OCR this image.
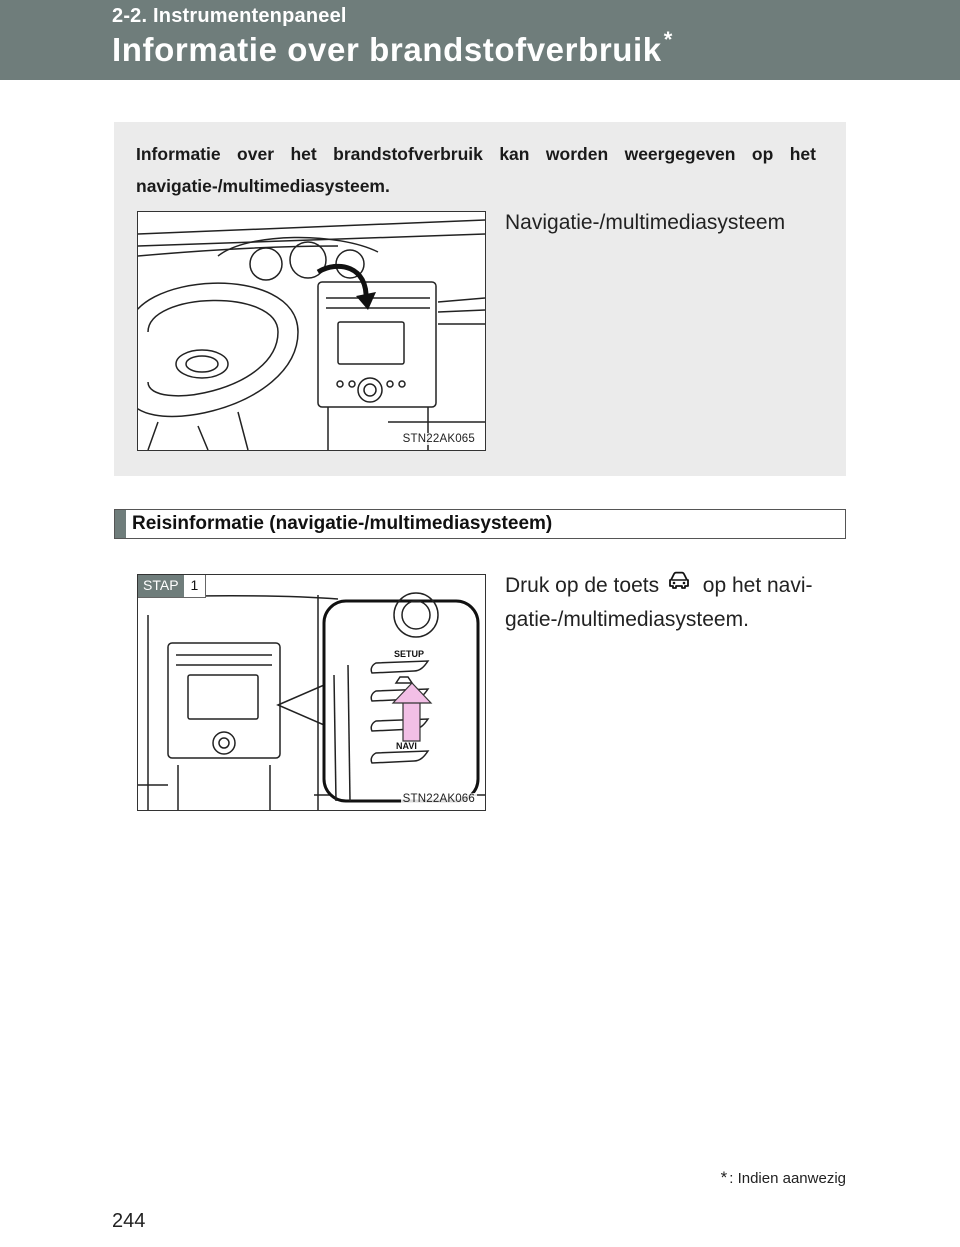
2-2. Instrumentenpaneel
Informatie over brandstofverbruik*
Informatie over het brandstofverbruik kan worden weergegeven op het navigatie-/multimediasysteem.
STN22AK065
Navigatie-/multimediasysteem
Reisinformatie (navigatie-/multimediasysteem)
SETUP
NAVI
STAP 1
STN22AK066
Druk op de toets op het navi-gatie-/multimediasysteem.
* : Indien aanwezig
244
